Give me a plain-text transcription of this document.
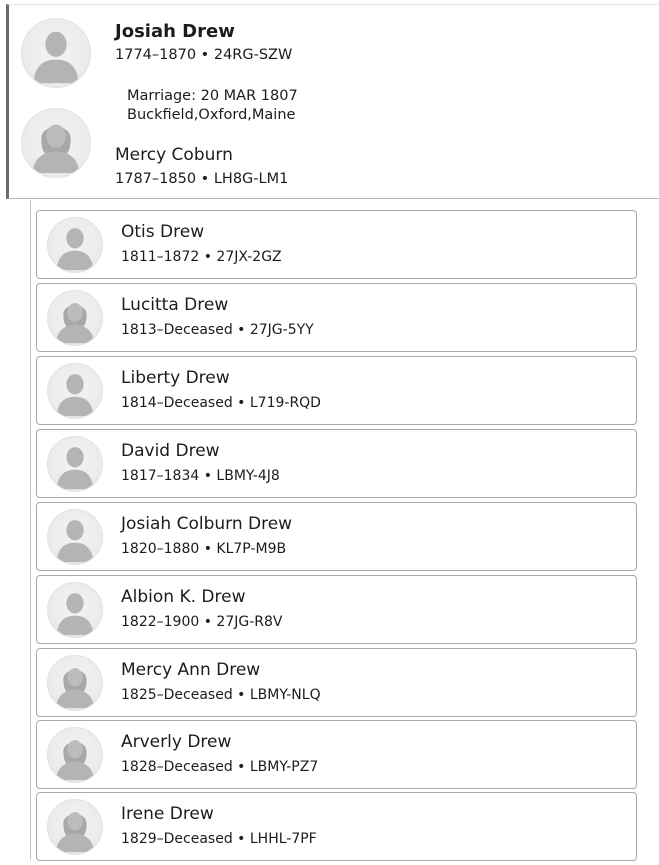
Josiah Drew
1774–1870 • 24RG-SZW
Marriage: 20 MAR 1807
Buckfield,Oxford,Maine
Mercy Coburn
1787–1850 • LH8G-LM1
Otis Drew
1811–1872 • 27JX-2GZ
Lucitta Drew
1813–Deceased • 27JG-5YY
Liberty Drew
1814–Deceased • L719-RQD
David Drew
1817–1834 • LBMY-4J8
Josiah Colburn Drew
1820–1880 • KL7P-M9B
Albion K. Drew
1822–1900 • 27JG-R8V
Mercy Ann Drew
1825–Deceased • LBMY-NLQ
Arverly Drew
1828–Deceased • LBMY-PZ7
Irene Drew
1829–Deceased • LHHL-7PF
